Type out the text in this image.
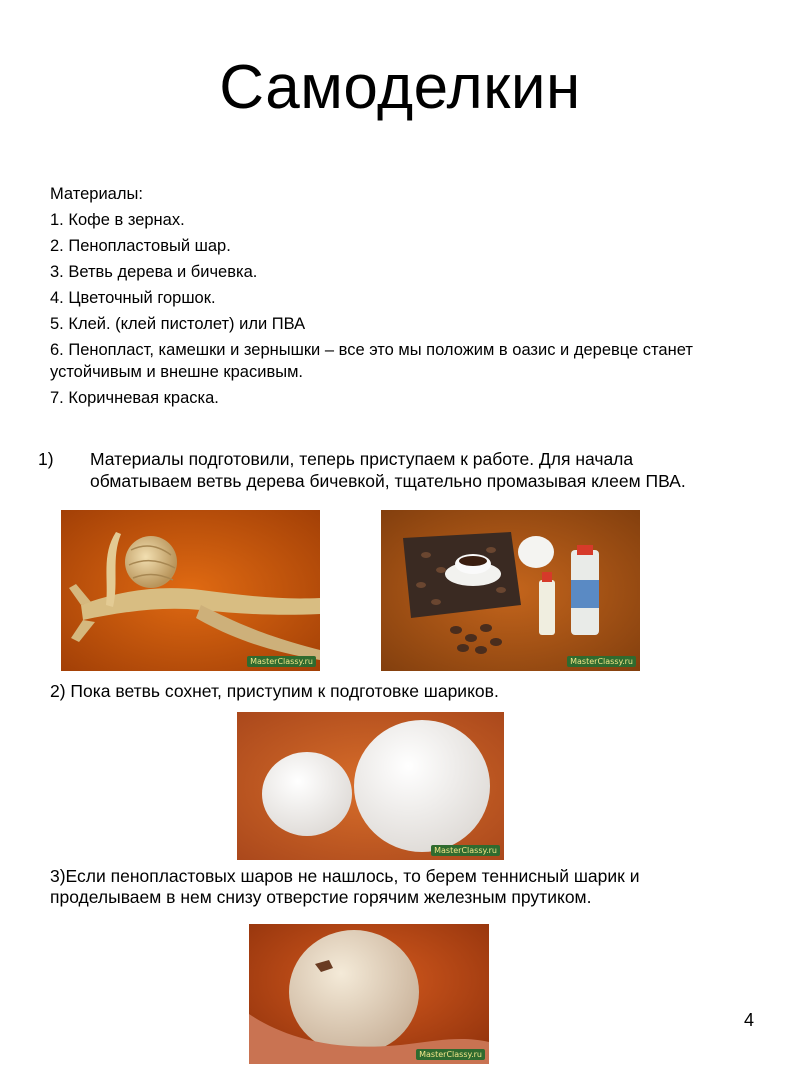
Самоделкин

Материалы:

1. Кофе в зернах.

2. Пенопластовый шар.

3. Ветвь дерева и бичевка.

4. Цветочный горшок.

5. Клей. (клей пистолет) или ПВА

6. Пенопласт, камешки и зернышки – все это мы положим в оазис и деревце станет устойчивым и внешне красивым.

7. Коричневая краска.

1) Материалы подготовили, теперь приступаем к работе. Для начала обматываем ветвь дерева бичевкой, тщательно промазывая клеем ПВА.
MasterClassy.ru	MasterClassy.ru
2) Пока ветвь сохнет, приступим к подготовке шариков.
MasterClassy.ru
3)Если пенопластовых шаров не нашлось, то берем теннисный шарик и проделываем в нем снизу отверстие горячим железным прутиком.
MasterClassy.ru
4
